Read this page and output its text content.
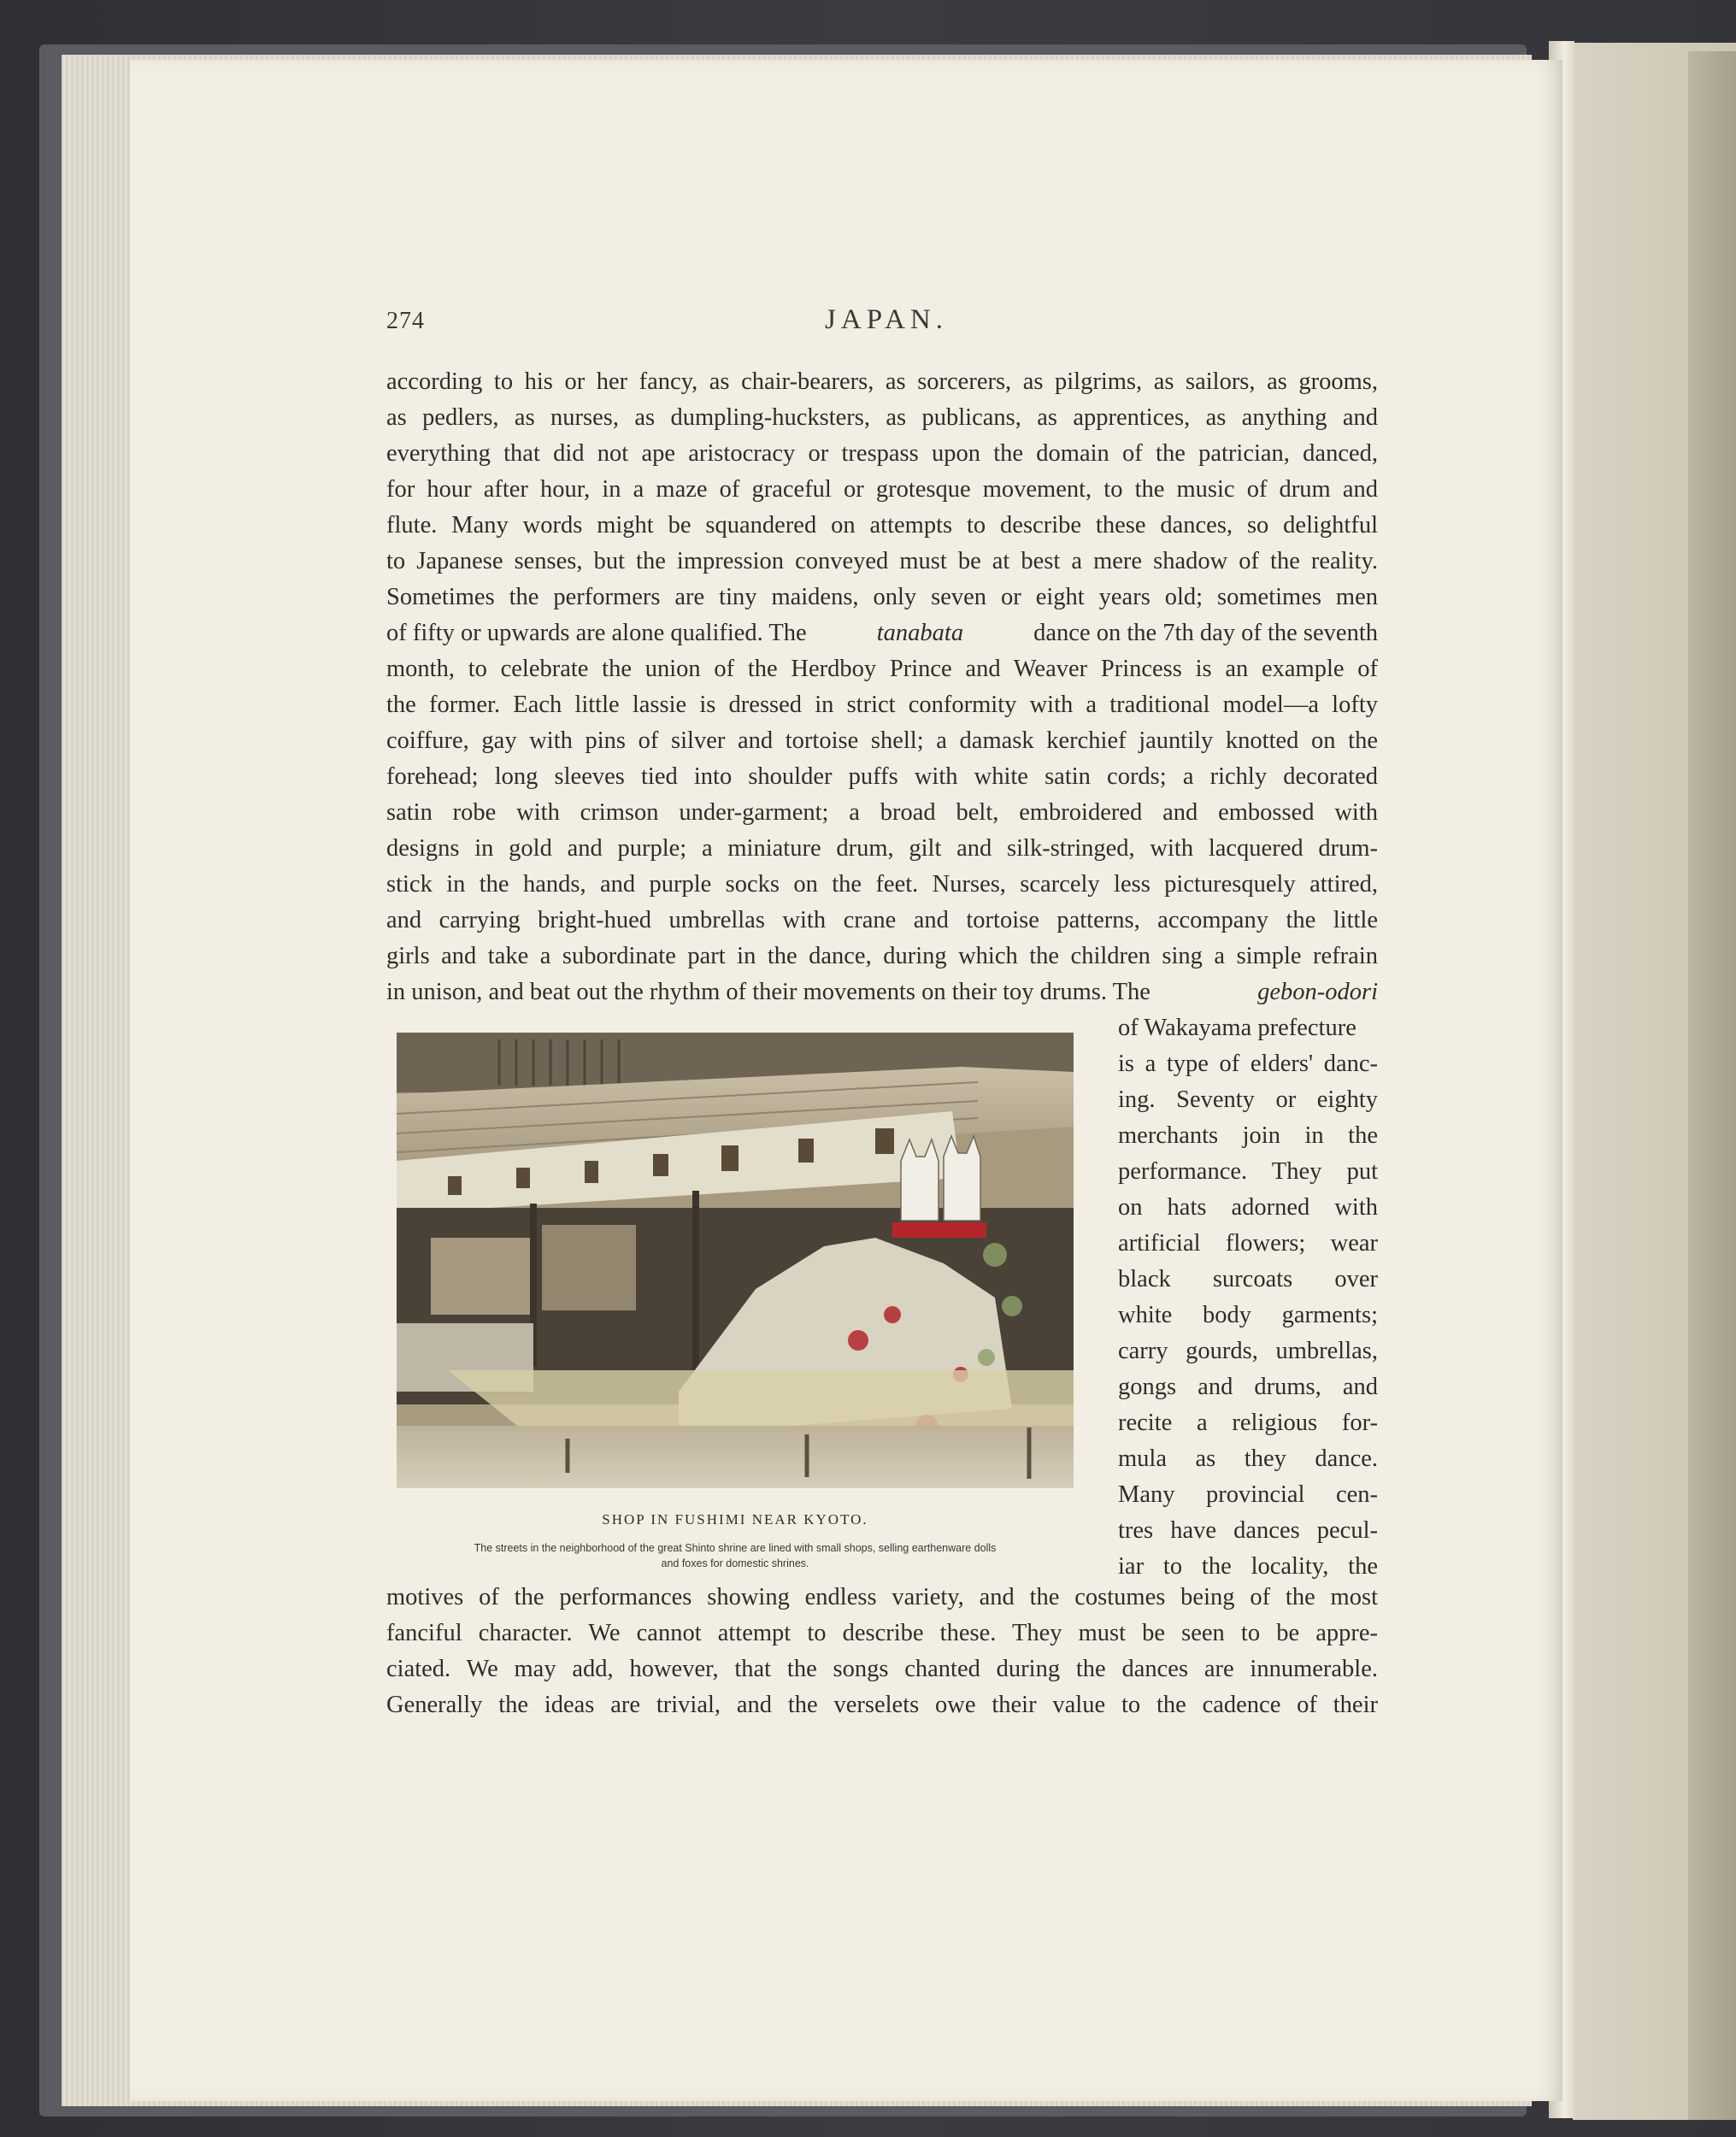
274	JAPAN.
according to his or her fancy, as chair-bearers, as sorcerers, as pilgrims, as sailors, as grooms,
as pedlers, as nurses, as dumpling-hucksters, as publicans, as apprentices, as anything and
everything that did not ape aristocracy or trespass upon the domain of the patrician, danced,
for hour after hour, in a maze of graceful or grotesque movement, to the music of drum and
flute. Many words might be squandered on attempts to describe these dances, so delightful
to Japanese senses, but the impression conveyed must be at best a mere shadow of the reality.
Sometimes the performers are tiny maidens, only seven or eight years old; sometimes men
of fifty or upwards are alone qualified. The	tanabata	dance on the 7th day of the seventh
month, to celebrate the union of the Herdboy Prince and Weaver Princess is an example of
the former. Each little lassie is dressed in strict conformity with a traditional model—a lofty
coiffure, gay with pins of silver and tortoise shell; a damask kerchief jauntily knotted on the
forehead; long sleeves tied into shoulder puffs with white satin cords; a richly decorated
satin robe with crimson under-garment; a broad belt, embroidered and embossed with
designs in gold and purple; a miniature drum, gilt and silk-stringed, with lacquered drum-
stick in the hands, and purple socks on the feet. Nurses, scarcely less picturesquely attired,
and carrying bright-hued umbrellas with crane and tortoise patterns, accompany the little
girls and take a subordinate part in the dance, during which the children sing a simple refrain
in unison, and beat out the rhythm of their movements on their toy drums. The	gebon-odori
of Wakayama prefecture
is a type of elders' danc-
ing. Seventy or eighty
merchants join in the
performance. They put
on hats adorned with
artificial flowers; wear
black surcoats over
white body garments;
carry gourds, umbrellas,
gongs and drums, and
recite a religious for-
mula as they dance.
Many provincial cen-
tres have dances pecul-
iar to the locality, the
SHOP IN FUSHIMI NEAR KYOTO.
The streets in the neighborhood of the great Shinto shrine are lined with small shops, selling earthenware dolls
and foxes for domestic shrines.
motives of the performances showing endless variety, and the costumes being of the most
fanciful character. We cannot attempt to describe these. They must be seen to be appre-
ciated. We may add, however, that the songs chanted during the dances are innumerable.
Generally the ideas are trivial, and the verselets owe their value to the cadence of their
